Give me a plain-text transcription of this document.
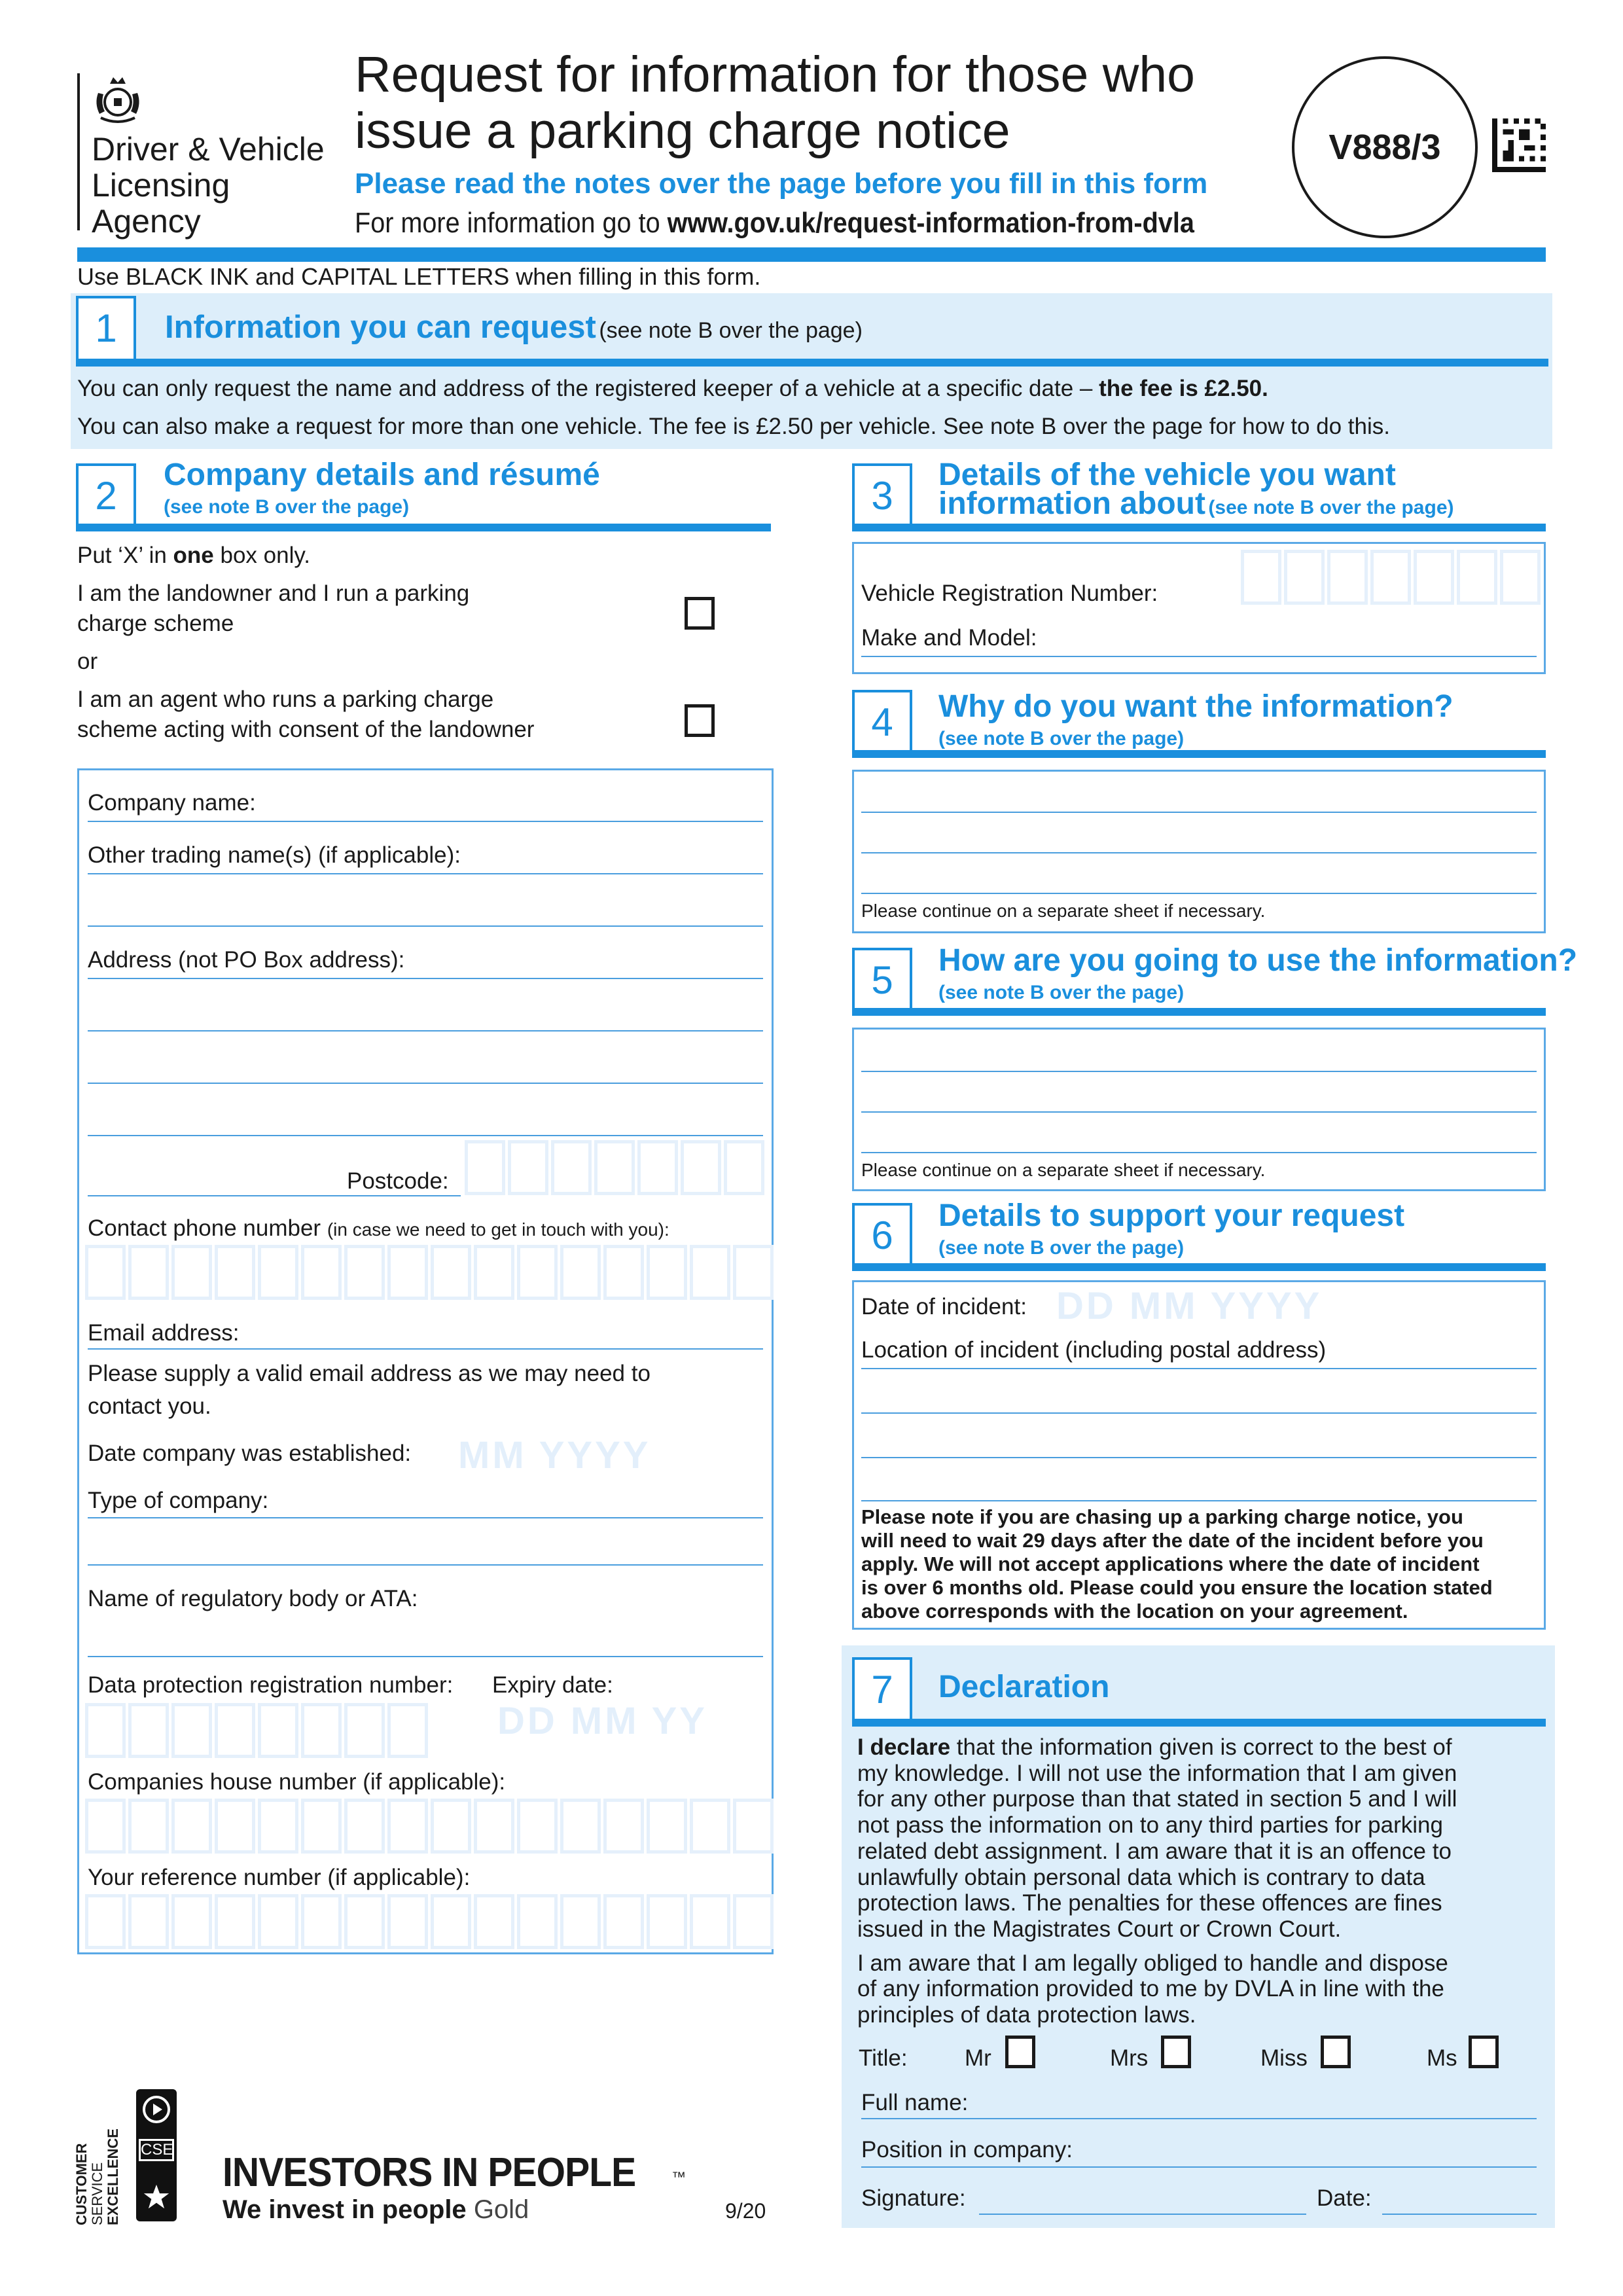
Driver & Vehicle
Licensing
Agency
Request for information for those who
issue a parking charge notice
Please read the notes over the page before you fill in this form
For more information go to www.gov.uk/request-information-from-dvla
V888/3
Use BLACK INK and CAPITAL LETTERS when filling in this form.
1	Information you can request (see note B over the page)
You can only request the name and address of the registered keeper of a vehicle at a specific date – the fee is £2.50.
You can also make a request for more than one vehicle. The fee is £2.50 per vehicle. See note B over the page for how to do this.
2	Company details and résumé
(see note B over the page)
Put ‘X’ in one box only.
I am the landowner and I run a parking
charge scheme
or
I am an agent who runs a parking charge
scheme acting with consent of the landowner
Company name:
Other trading name(s) (if applicable):
Address (not PO Box address):
Postcode:
Contact phone number (in case we need to get in touch with you):
Email address:
Please supply a valid email address as we may need to
contact you.
Date company was established: MM YYYY
Type of company:
Name of regulatory body or ATA:
Data protection registration number: Expiry date:
DD MM YY
Companies house number (if applicable):
Your reference number (if applicable):
3	Details of the vehicle you want
information about (see note B over the page)
Vehicle Registration Number:
Make and Model:
4	Why do you want the information?
(see note B over the page)
Please continue on a separate sheet if necessary.
5	How are you going to use the information?
(see note B over the page)
Please continue on a separate sheet if necessary.
6	Details to support your request
(see note B over the page)
Date of incident: DD MM YYYY
Location of incident (including postal address)
Please note if you are chasing up a parking charge notice, you
will need to wait 29 days after the date of the incident before you
apply. We will not accept applications where the date of incident
is over 6 months old. Please could you ensure the location stated
above corresponds with the location on your agreement.
7	Declaration
I declare that the information given is correct to the best of
my knowledge. I will not use the information that I am given
for any other purpose than that stated in section 5 and I will
not pass the information on to any third parties for parking
related debt assignment. I am aware that it is an offence to
unlawfully obtain personal data which is contrary to data
protection laws. The penalties for these offences are fines
issued in the Magistrates Court or Crown Court.
I am aware that I am legally obliged to handle and dispose
of any information provided to me by DVLA in line with the
principles of data protection laws.
Title: Mr	Mrs	Miss	Ms
Full name:
Position in company:
Signature:	Date:
CUSTOMER SERVICE EXCELLENCE CSE
INVESTORS IN PEOPLE ™
We invest in people Gold	9/20
